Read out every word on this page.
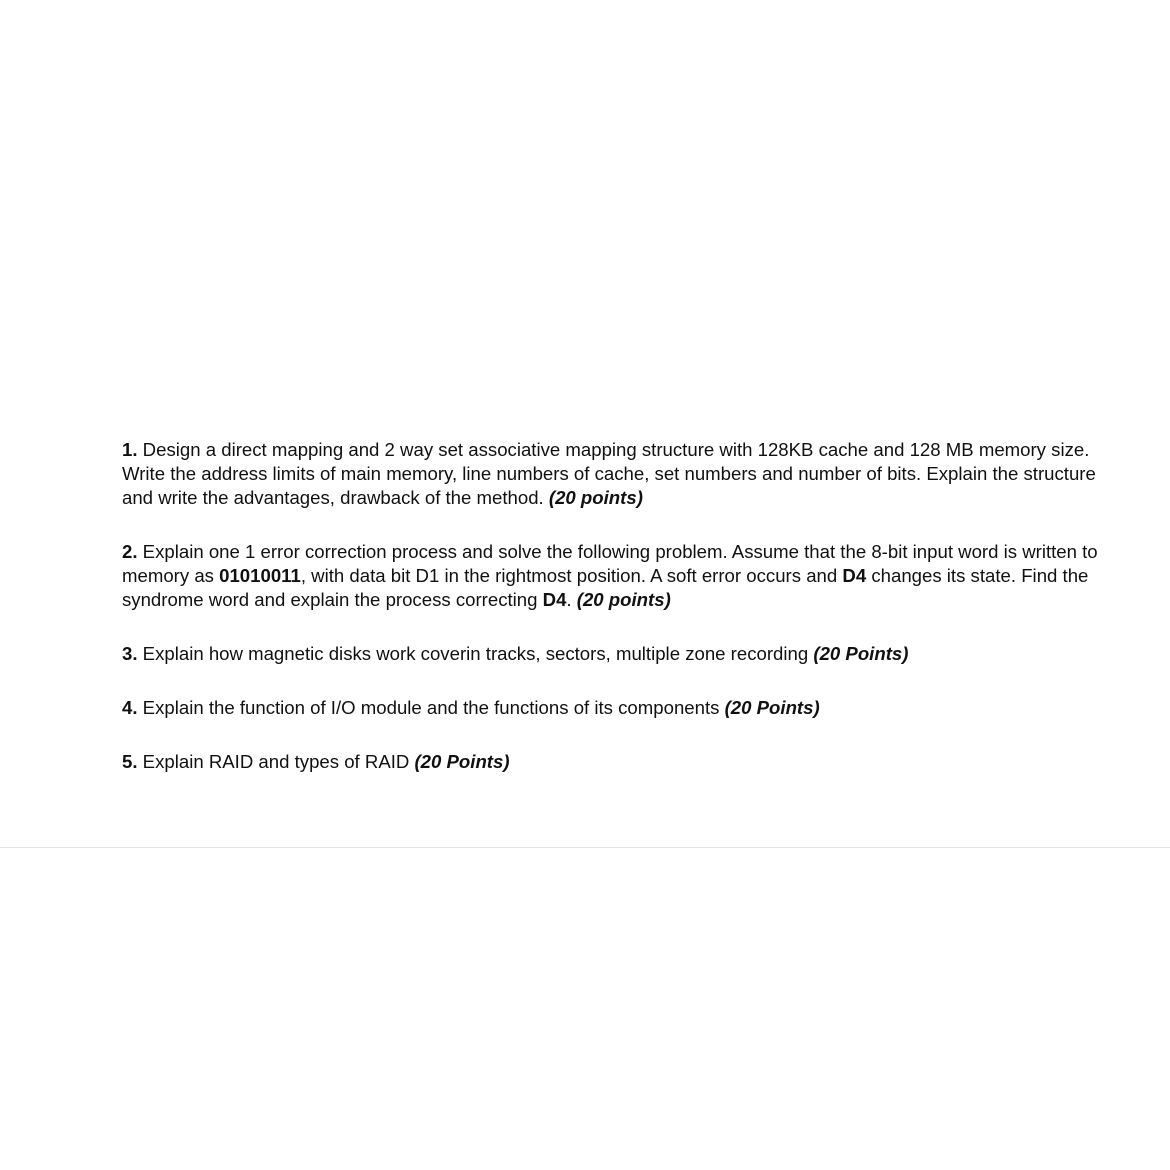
1. Design a direct mapping and 2 way set associative mapping structure with 128KB cache and 128 MB memory size. Write the address limits of main memory, line numbers of cache, set numbers and number of bits. Explain the structure and write the advantages, drawback of the method. (20 points)

2. Explain one 1 error correction process and solve the following problem. Assume that the 8-bit input word is written to memory as 01010011, with data bit D1 in the rightmost position. A soft error occurs and D4 changes its state. Find the syndrome word and explain the process correcting D4. (20 points)

3. Explain how magnetic disks work coverin tracks, sectors, multiple zone recording (20 Points)

4. Explain the function of I/O module and the functions of its components (20 Points)

5. Explain RAID and types of RAID (20 Points)
